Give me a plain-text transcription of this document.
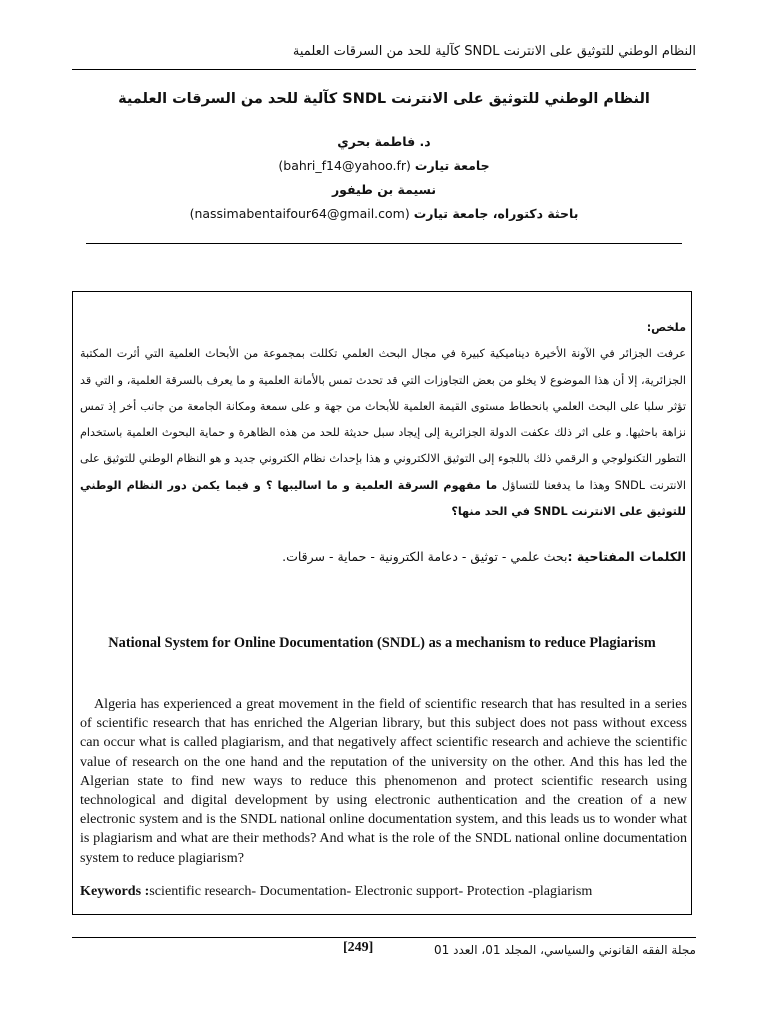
النظام الوطني للتوثيق على الانترنت SNDL كآلية للحد من السرقات العلمية
النظام الوطني للتوثيق على الانترنت SNDL كآلية للحد من السرقات العلمية
د. فاطمة بحري
جامعة تيارت (bahri_f14@yahoo.fr)
نسيمة بن طيفور
باحثة دكتوراه، جامعة تيارت (nassimabentaifour64@gmail.com)
ملخص:
عرفت الجزائر في الآونة الأخيرة ديناميكية كبيرة في مجال البحث العلمي تكللت بمجموعة من الأبحاث العلمية التي أثرت المكتبة الجزائرية، إلا أن هذا الموضوع لا يخلو من بعض التجاوزات التي قد تحدث تمس بالأمانة العلمية و ما يعرف بالسرقة العلمية، و التي قد تؤثر سلبا على البحث العلمي بانحطاط مستوى القيمة العلمية للأبحاث من جهة و على سمعة ومكانة الجامعة من جانب أخر إذ تمس نزاهة باحثيها. و على اثر ذلك عكفت الدولة الجزائرية إلى إيجاد سبل حديثة للحد من هذه الظاهرة و حماية البحوث العلمية باستخدام التطور التكنولوجي و الرقمي ذلك باللجوء إلى التوثيق الالكتروني و هذا بإحداث نظام الكتروني جديد و هو النظام الوطني للتوثيق على الانترنت SNDL وهذا ما يدفعنا للتساؤل ما مفهوم السرقة العلمية و ما اساليبها ؟ و فيما يكمن دور النظام الوطني للتوثيق على الانترنت SNDL في الحد منها؟
الكلمات المفتاحية :بحث علمي - توثيق - دعامة الكترونية - حماية - سرقات.
National System for Online Documentation (SNDL) as a mechanism to reduce Plagiarism
Algeria has experienced a great movement in the field of scientific research that has resulted in a series of scientific research that has enriched the Algerian library, but this subject does not pass without excess can occur what is called plagiarism, and that negatively affect scientific research and achieve the scientific value of research on the one hand and the reputation of the university on the other. And this has led the Algerian state to find new ways to reduce this phenomenon and protect scientific research using technological and digital development by using electronic authentication and the creation of a new electronic system and is the SNDL national online documentation system, and this leads us to wonder what is plagiarism and what are their methods? And what is the role of the SNDL national online documentation system to reduce plagiarism?
Keywords :scientific research- Documentation- Electronic support- Protection -plagiarism
[249]	مجلة الفقه القانوني والسياسي، المجلد 01، العدد 01
